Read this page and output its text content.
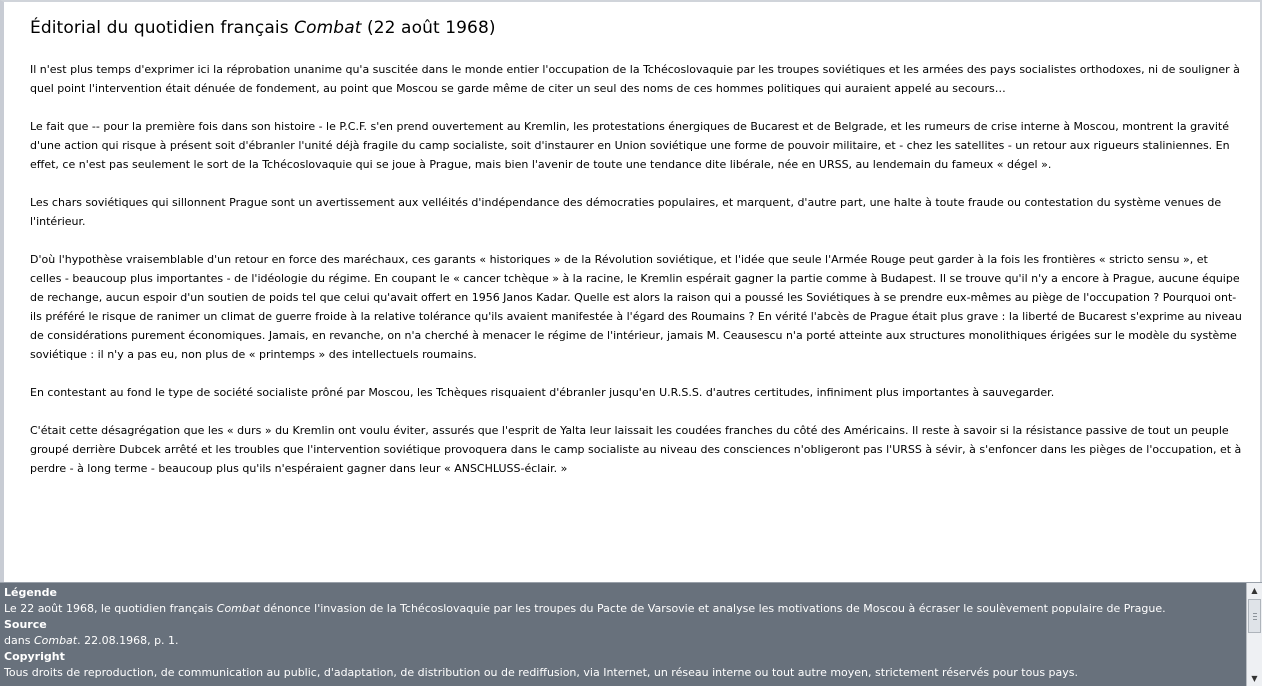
Éditorial du quotidien français Combat (22 août 1968)

Il n'est plus temps d'exprimer ici la réprobation unanime qu'a suscitée dans le monde entier l'occupation de la Tchécoslovaquie par les troupes soviétiques et les armées des pays socialistes orthodoxes, ni de souligner à quel point l'intervention était dénuée de fondement, au point que Moscou se garde même de citer un seul des noms de ces hommes politiques qui auraient appelé au secours…

Le fait que -- pour la première fois dans son histoire - le P.C.F. s'en prend ouvertement au Kremlin, les protestations énergiques de Bucarest et de Belgrade, et les rumeurs de crise interne à Moscou, montrent la gravité d'une action qui risque à présent soit d'ébranler l'unité déjà fragile du camp socialiste, soit d'instaurer en Union soviétique une forme de pouvoir militaire, et - chez les satellites - un retour aux rigueurs staliniennes. En effet, ce n'est pas seulement le sort de la Tchécoslovaquie qui se joue à Prague, mais bien l'avenir de toute une tendance dite libérale, née en URSS, au lendemain du fameux « dégel ».

Les chars soviétiques qui sillonnent Prague sont un avertissement aux velléités d'indépendance des démocraties populaires, et marquent, d'autre part, une halte à toute fraude ou contestation du système venues de l'intérieur.

D'où l'hypothèse vraisemblable d'un retour en force des maréchaux, ces garants « historiques » de la Révolution soviétique, et l'idée que seule l'Armée Rouge peut garder à la fois les frontières « stricto sensu », et celles - beaucoup plus importantes - de l'idéologie du régime. En coupant le « cancer tchèque » à la racine, le Kremlin espérait gagner la partie comme à Budapest. Il se trouve qu'il n'y a encore à Prague, aucune équipe de rechange, aucun espoir d'un soutien de poids tel que celui qu'avait offert en 1956 Janos Kadar. Quelle est alors la raison qui a poussé les Soviétiques à se prendre eux-mêmes au piège de l'occupation ? Pourquoi ont-ils préféré le risque de ranimer un climat de guerre froide à la relative tolérance qu'ils avaient manifestée à l'égard des Roumains ? En vérité l'abcès de Prague était plus grave : la liberté de Bucarest s'exprime au niveau de considérations purement économiques. Jamais, en revanche, on n'a cherché à menacer le régime de l'intérieur, jamais M. Ceausescu n'a porté atteinte aux structures monolithiques érigées sur le modèle du système soviétique : il n'y a pas eu, non plus de « printemps » des intellectuels roumains.

En contestant au fond le type de société socialiste prôné par Moscou, les Tchèques risquaient d'ébranler jusqu'en U.R.S.S. d'autres certitudes, infiniment plus importantes à sauvegarder.

C'était cette désagrégation que les « durs » du Kremlin ont voulu éviter, assurés que l'esprit de Yalta leur laissait les coudées franches du côté des Américains. Il reste à savoir si la résistance passive de tout un peuple groupé derrière Dubcek arrêté et les troubles que l'intervention soviétique provoquera dans le camp socialiste au niveau des consciences n'obligeront pas l'URSS à sévir, à s'enfoncer dans les pièges de l'occupation, et à perdre - à long terme - beaucoup plus qu'ils n'espéraient gagner dans leur « ANSCHLUSS-éclair. »

Légende
Le 22 août 1968, le quotidien français Combat dénonce l'invasion de la Tchécoslovaquie par les troupes du Pacte de Varsovie et analyse les motivations de Moscou à écraser le soulèvement populaire de Prague.
Source
dans Combat. 22.08.1968, p. 1.
Copyright
Tous droits de reproduction, de communication au public, d'adaptation, de distribution ou de rediffusion, via Internet, un réseau interne ou tout autre moyen, strictement réservés pour tous pays.
▲
▼
